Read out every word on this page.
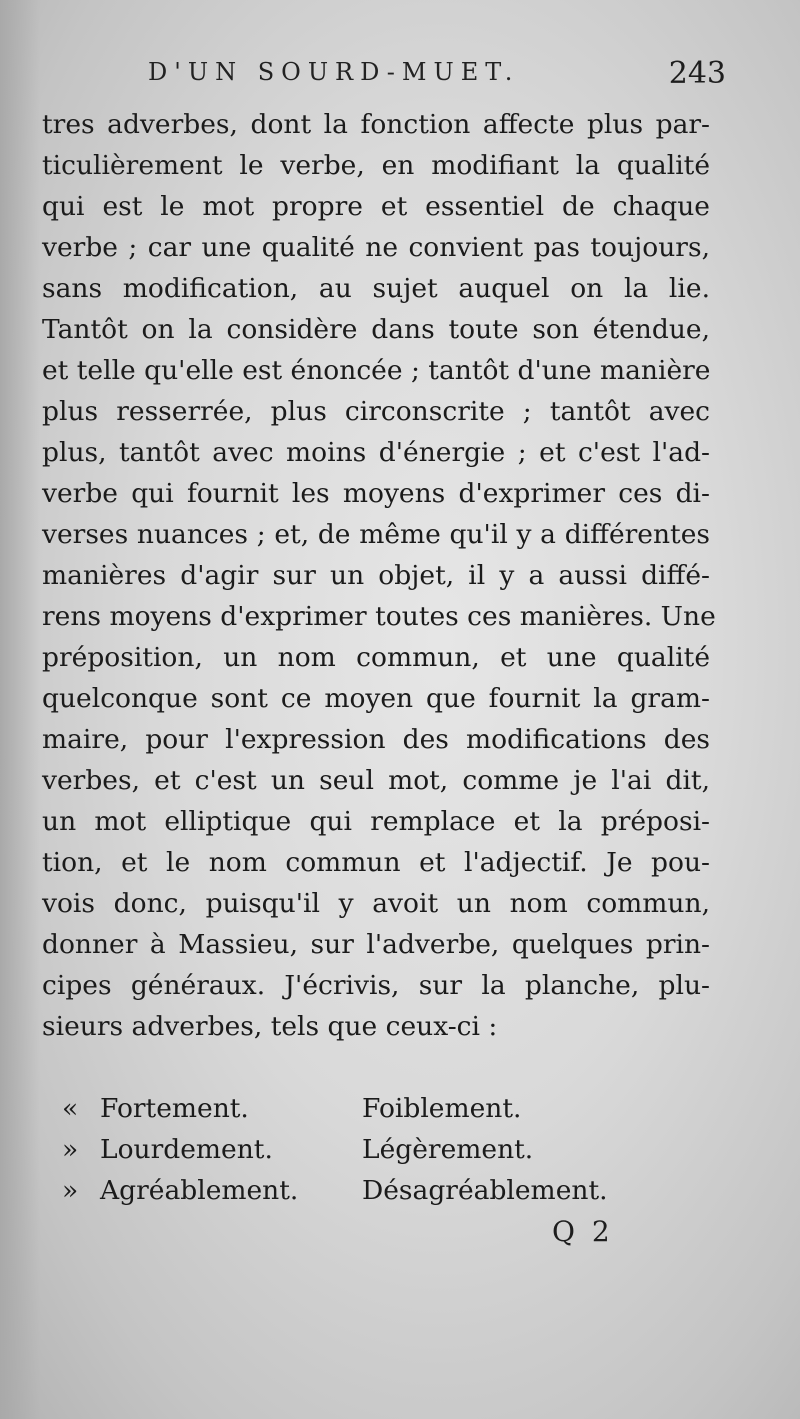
D'UN SOURD-MUET.	243
tres adverbes, dont la fonction affecte plus par-
ticulièrement le verbe, en modifiant la qualité
qui est le mot propre et essentiel de chaque
verbe ; car une qualité ne convient pas toujours,
sans modification, au sujet auquel on la lie.
Tantôt on la considère dans toute son étendue,
et telle qu'elle est énoncée ; tantôt d'une manière
plus resserrée, plus circonscrite ; tantôt avec
plus, tantôt avec moins d'énergie ; et c'est l'ad-
verbe qui fournit les moyens d'exprimer ces di-
verses nuances ; et, de même qu'il y a différentes
manières d'agir sur un objet, il y a aussi diffé-
rens moyens d'exprimer toutes ces manières. Une
préposition, un nom commun, et une qualité
quelconque sont ce moyen que fournit la gram-
maire, pour l'expression des modifications des
verbes, et c'est un seul mot, comme je l'ai dit,
un mot elliptique qui remplace et la préposi-
tion, et le nom commun et l'adjectif. Je pou-
vois donc, puisqu'il y avoit un nom commun,
donner à Massieu, sur l'adverbe, quelques prin-
cipes généraux. J'écrivis, sur la planche, plu-
sieurs adverbes, tels que ceux-ci :
« Fortement.	Foiblement.
» Lourdement.	Légèrement.
» Agréablement. Désagréablement.
Q 2
